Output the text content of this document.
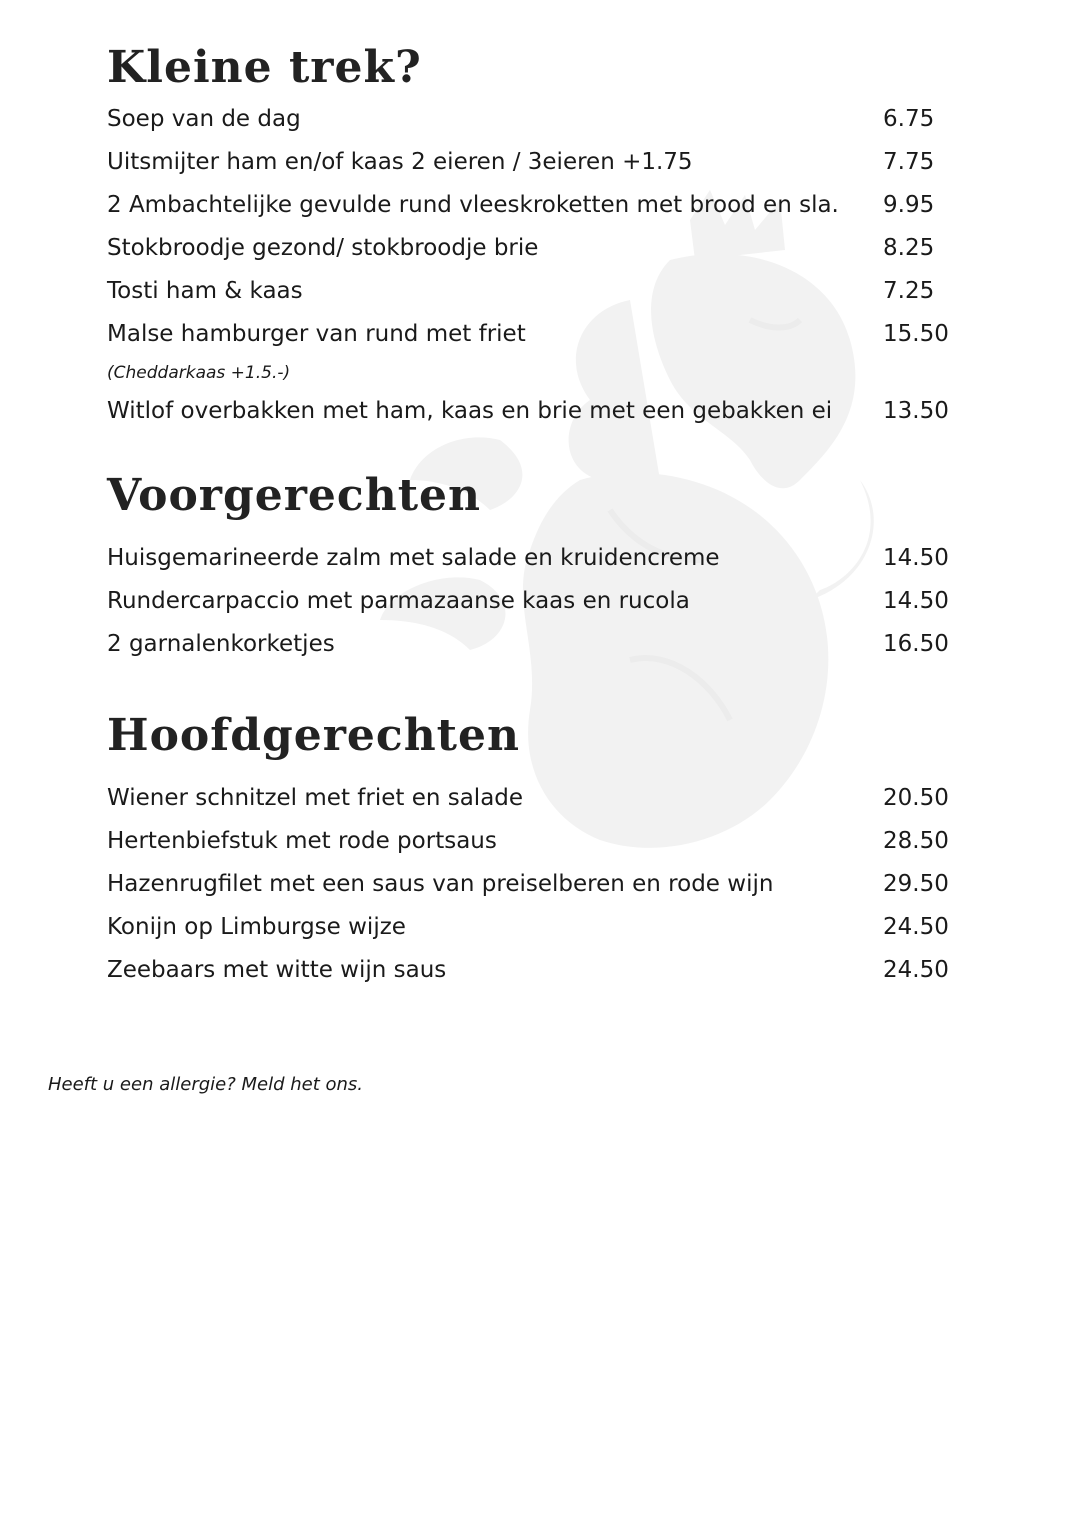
Kleine trek?
Soep van de dag	6.75
Uitsmijter ham en/of kaas 2 eieren / 3eieren +1.75	7.75
2 Ambachtelijke gevulde rund vleeskroketten met brood en sla. 9.95
Stokbroodje gezond/ stokbroodje brie	8.25
Tosti ham & kaas	7.25
Malse hamburger van rund met friet	15.50
(Cheddarkaas +1.5.-)
Witlof overbakken met ham, kaas en brie met een gebakken ei 13.50
Voorgerechten
Huisgemarineerde zalm met salade en kruidencreme	14.50
Rundercarpaccio met parmazaanse kaas en rucola	14.50
2 garnalenkorketjes	16.50
Hoofdgerechten
Wiener schnitzel met friet en salade	20.50
Hertenbiefstuk met rode portsaus	28.50
Hazenrugfilet met een saus van preiselberen en rode wijn	29.50
Konijn op Limburgse wijze	24.50
Zeebaars met witte wijn saus	24.50
Heeft u een allergie? Meld het ons.
